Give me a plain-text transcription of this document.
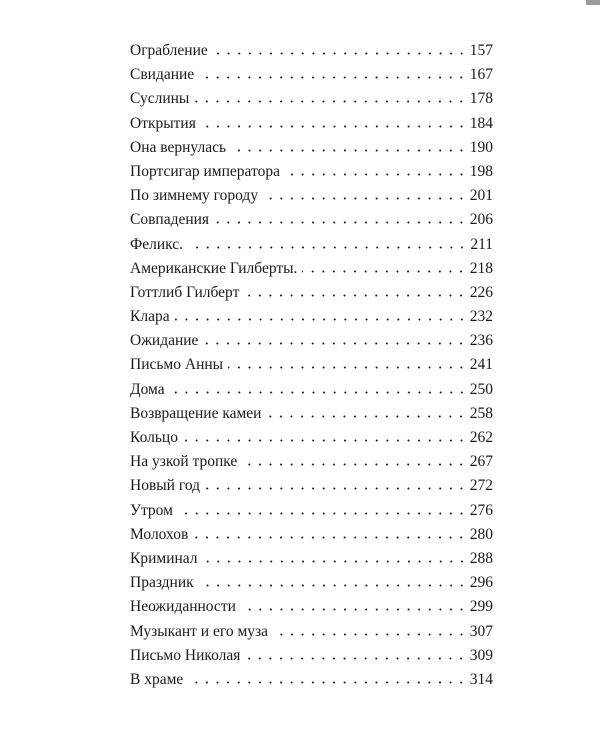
Ограбление	157
Свидание	167
Суслины	178
Открытия	184
Она вернулась	190
Портсигар императора	198
По зимнему городу	201
Совпадения	206
Феликс.	211
Американские Гилберты.	218
Готтлиб Гилберт	226
Клара	232
Ожидание	236
Письмо Анны	241
Дома	250
Возвращение камеи	258
Кольцо	262
На узкой тропке	267
Новый год	272
Утром	276
Молохов	280
Криминал	288
Праздник	296
Неожиданности	299
Музыкант и его муза	307
Письмо Николая	309
В храме	314
